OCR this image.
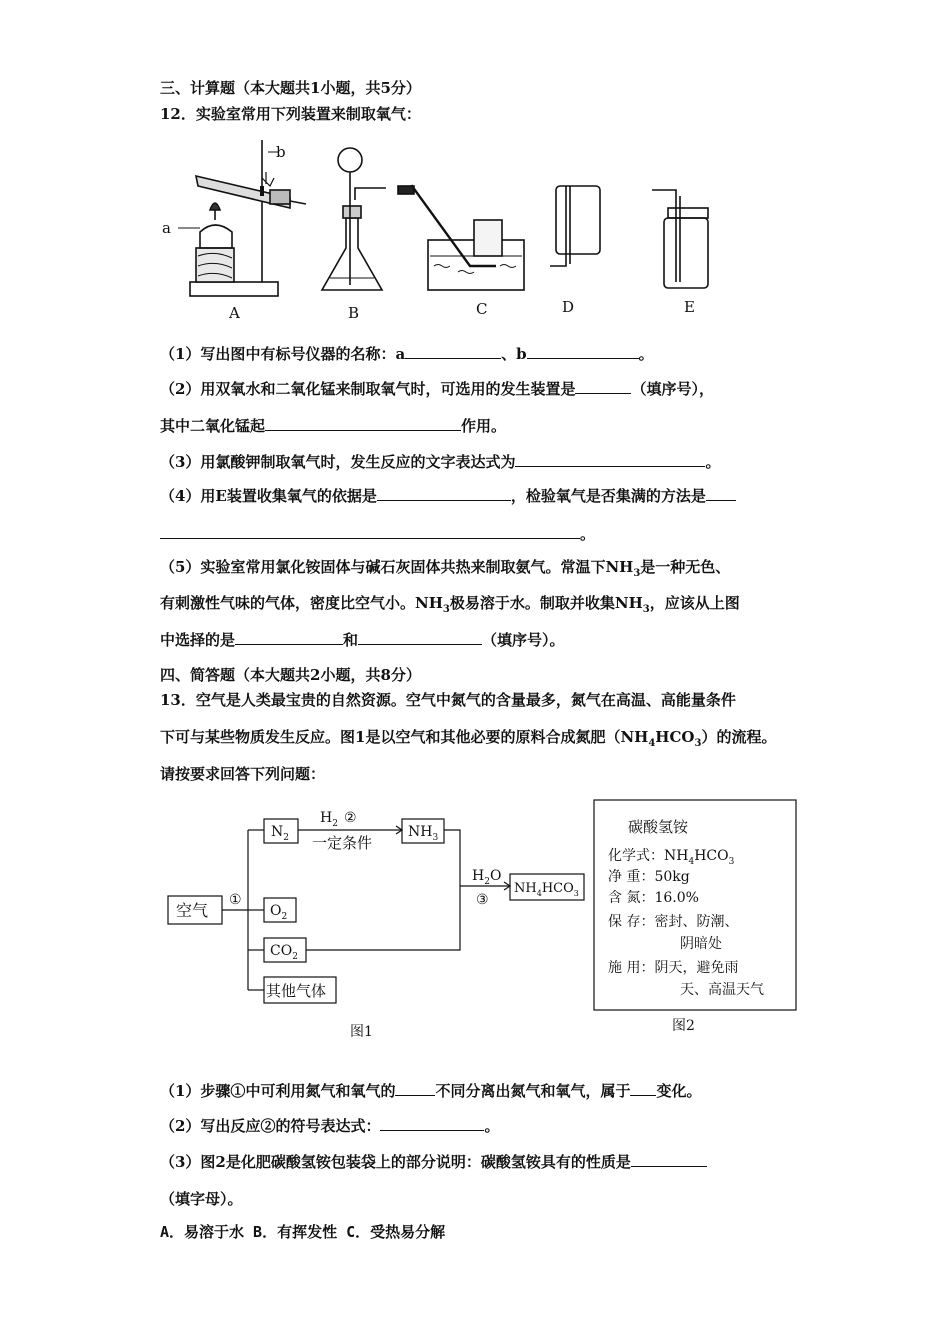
三、计算题（本大题共1小题，共5分）
12．实验室常用下列装置来制取氧气：
b
a
A	B	C	D	E
（1）写出图中有标号仪器的名称：a	、b	。
（2）用双氧水和二氧化锰来制取氧气时，可选用的发生装置是	（填序号），
其中二氧化锰起	作用。
（3）用氯酸钾制取氧气时，发生反应的文字表达式为	。
（4）用E装置收集氧气的依据是	，检验氧气是否集满的方法是
。
（5）实验室常用氯化铵固体与碱石灰固体共热来制取氨气。常温下$NH_3$是一种无色、
有刺激性气味的气体，密度比空气小。$NH_3$极易溶于水。制取并收集$NH_3$，应该从上图
中选择的是	和	（填序号）。
四、简答题（本大题共2小题，共8分）
13．空气是人类最宝贵的自然资源。空气中氮气的含量最多，氮气在高温、高能量条件
下可与某些物质发生反应。图1是以空气和其他必要的原料合成氮肥$(NH_4HCO_3)$的流程。
请按要求回答下列问题：
空气
①
$N_2$
$H_2$ ②
一定条件
$NH_3$
$H_2O$
③
$NH_4HCO_3$
$O_2$
$CO_2$
其他气体
图1
碳酸氢铵
化学式：$NH_4HCO_3$
净 重：50kg
含 氮：16.0%
保 存：密封、防潮、
阴暗处
施 用：阴天，避免雨
天、高温天气
图2
（1）步骤①中可利用氮气和氧气的	不同分离出氮气和氧气，属于 变化。
（2）写出反应②的符号表达式：	。
（3）图2是化肥碳酸氢铵包装袋上的部分说明：碳酸氢铵具有的性质是
（填字母）。
A．易溶于水 B．有挥发性 C．受热易分解
